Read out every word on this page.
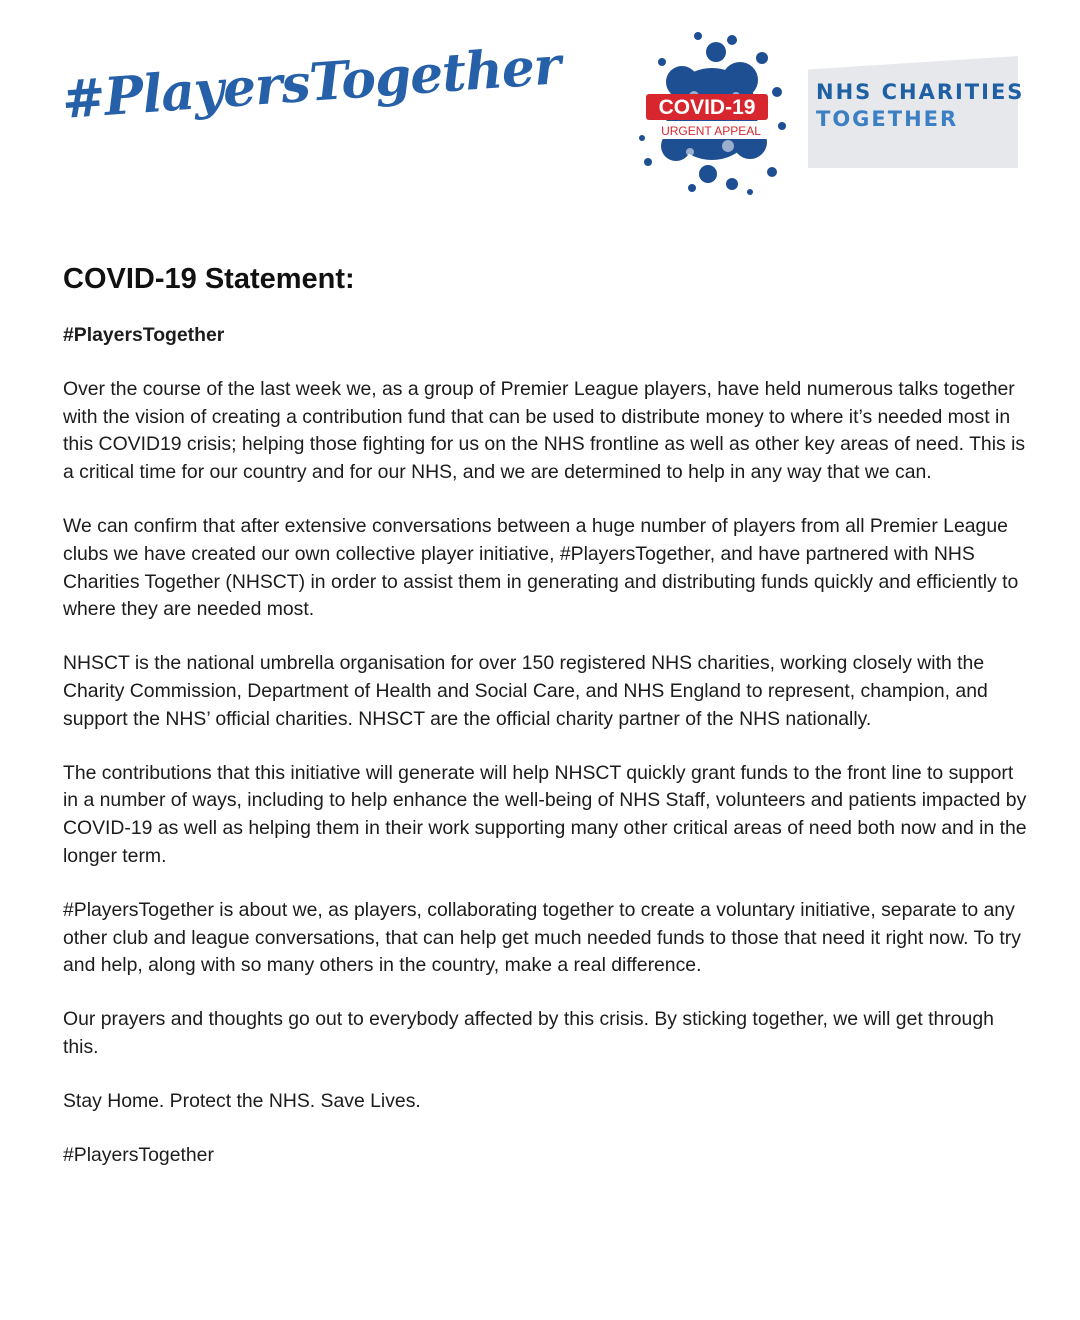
#PlayersTogether	COVID-19
URGENT APPEAL
NHS CHARITIES
TOGETHER
COVID-19 Statement:

#PlayersTogether

Over the course of the last week we, as a group of Premier League players, have held numerous talks together with the vision of creating a contribution fund that can be used to distribute money to where it’s needed most in this COVID19 crisis; helping those fighting for us on the NHS frontline as well as other key areas of need. This is a critical time for our country and for our NHS, and we are determined to help in any way that we can.

We can confirm that after extensive conversations between a huge number of players from all Premier League clubs we have created our own collective player initiative, #PlayersTogether, and have partnered with NHS Charities Together (NHSCT) in order to assist them in generating and distributing funds quickly and efficiently to where they are needed most.

NHSCT is the national umbrella organisation for over 150 registered NHS charities, working closely with the Charity Commission, Department of Health and Social Care, and NHS England to represent, champion, and support the NHS’ official charities. NHSCT are the official charity partner of the NHS nationally.

The contributions that this initiative will generate will help NHSCT quickly grant funds to the front line to support in a number of ways, including to help enhance the well-being of NHS Staff, volunteers and patients impacted by COVID-19 as well as helping them in their work supporting many other critical areas of need both now and in the longer term.

#PlayersTogether is about we, as players, collaborating together to create a voluntary initiative, separate to any other club and league conversations, that can help get much needed funds to those that need it right now. To try and help, along with so many others in the country, make a real difference.

Our prayers and thoughts go out to everybody affected by this crisis. By sticking together, we will get through this.

Stay Home. Protect the NHS. Save Lives.

#PlayersTogether
